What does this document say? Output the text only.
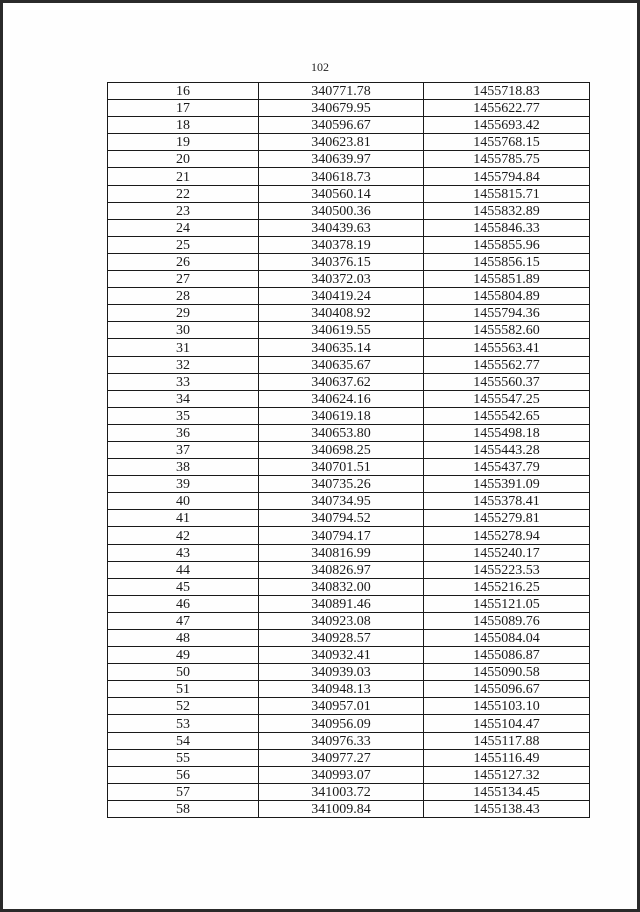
102
16	340771.78	1455718.83
17	340679.95	1455622.77
18	340596.67	1455693.42
19	340623.81	1455768.15
20	340639.97	1455785.75
21	340618.73	1455794.84
22	340560.14	1455815.71
23	340500.36	1455832.89
24	340439.63	1455846.33
25	340378.19	1455855.96
26	340376.15	1455856.15
27	340372.03	1455851.89
28	340419.24	1455804.89
29	340408.92	1455794.36
30	340619.55	1455582.60
31	340635.14	1455563.41
32	340635.67	1455562.77
33	340637.62	1455560.37
34	340624.16	1455547.25
35	340619.18	1455542.65
36	340653.80	1455498.18
37	340698.25	1455443.28
38	340701.51	1455437.79
39	340735.26	1455391.09
40	340734.95	1455378.41
41	340794.52	1455279.81
42	340794.17	1455278.94
43	340816.99	1455240.17
44	340826.97	1455223.53
45	340832.00	1455216.25
46	340891.46	1455121.05
47	340923.08	1455089.76
48	340928.57	1455084.04
49	340932.41	1455086.87
50	340939.03	1455090.58
51	340948.13	1455096.67
52	340957.01	1455103.10
53	340956.09	1455104.47
54	340976.33	1455117.88
55	340977.27	1455116.49
56	340993.07	1455127.32
57	341003.72	1455134.45
58	341009.84	1455138.43
